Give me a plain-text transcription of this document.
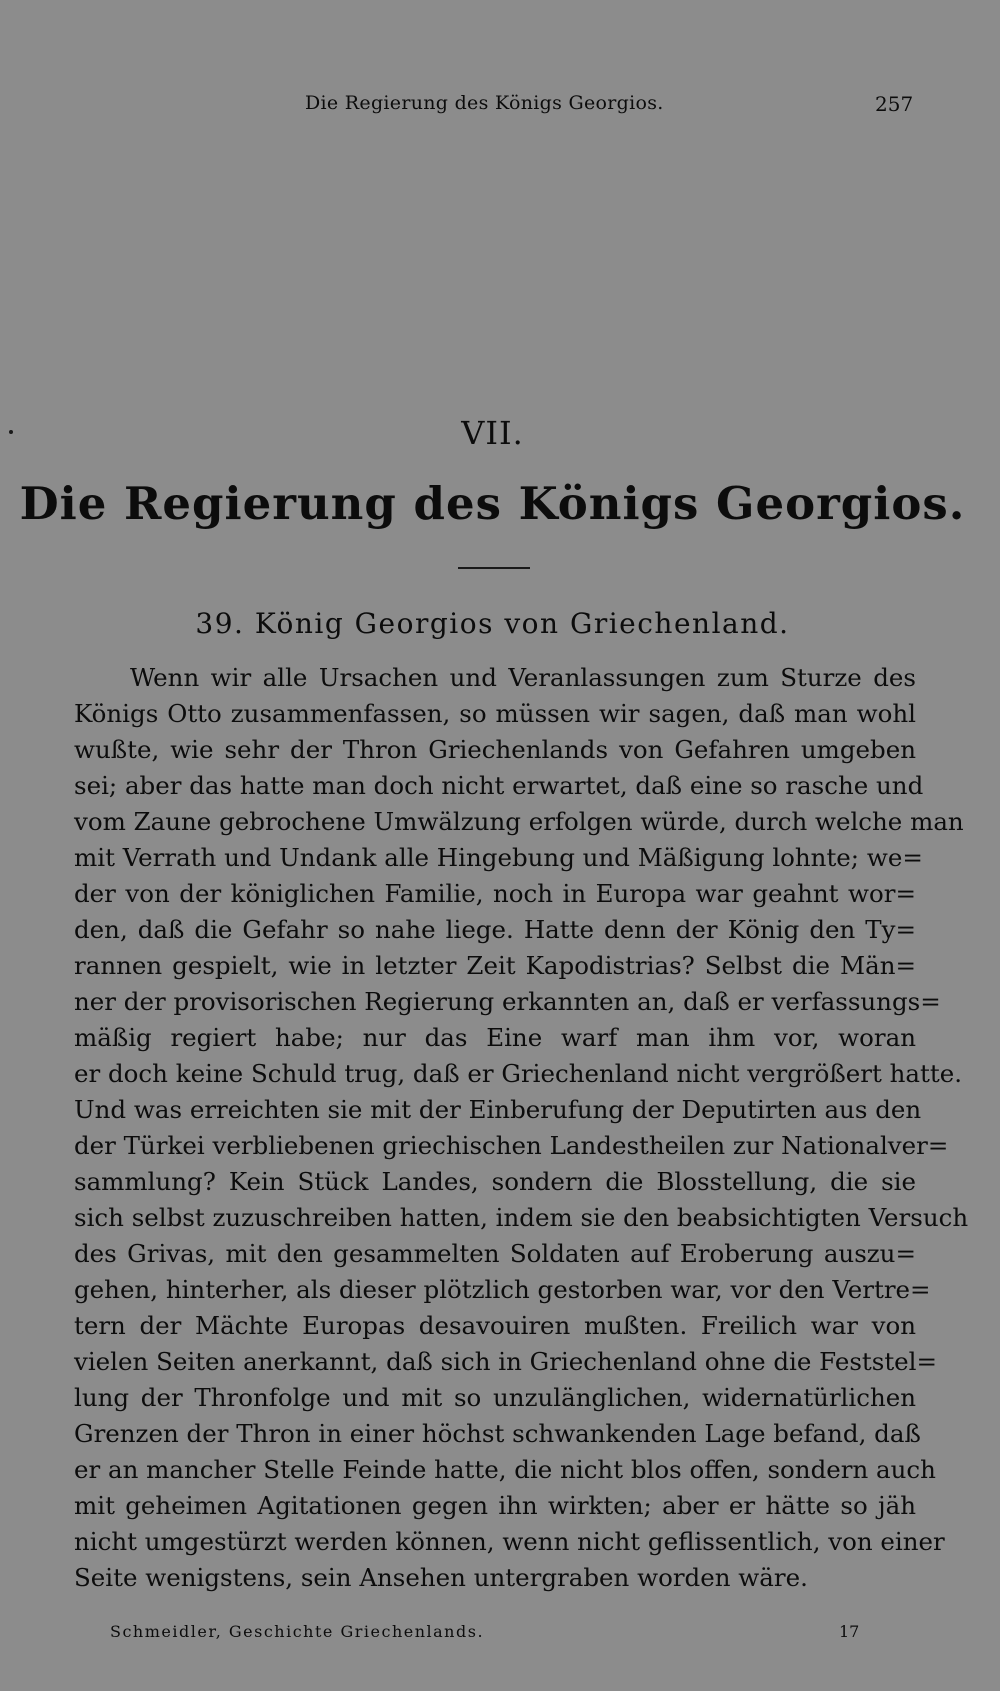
Die Regierung des Königs Georgios.	257
VII.
Die Regierung des Königs Georgios.
39. König Georgios von Griechenland.
Wenn wir alle Ursachen und Veranlassungen zum Sturze des
Königs Otto zusammenfassen, so müssen wir sagen, daß man wohl
wußte, wie sehr der Thron Griechenlands von Gefahren umgeben
sei; aber das hatte man doch nicht erwartet, daß eine so rasche und
vom Zaune gebrochene Umwälzung erfolgen würde, durch welche man
mit Verrath und Undank alle Hingebung und Mäßigung lohnte; we=
der von der königlichen Familie, noch in Europa war geahnt wor=
den, daß die Gefahr so nahe liege. Hatte denn der König den Ty=
rannen gespielt, wie in letzter Zeit Kapodistrias? Selbst die Män=
ner der provisorischen Regierung erkannten an, daß er verfassungs=
mäßig regiert habe; nur das Eine warf man ihm vor, woran
er doch keine Schuld trug, daß er Griechenland nicht vergrößert hatte.
Und was erreichten sie mit der Einberufung der Deputirten aus den
der Türkei verbliebenen griechischen Landestheilen zur Nationalver=
sammlung? Kein Stück Landes, sondern die Blosstellung, die sie
sich selbst zuzuschreiben hatten, indem sie den beabsichtigten Versuch
des Grivas, mit den gesammelten Soldaten auf Eroberung auszu=
gehen, hinterher, als dieser plötzlich gestorben war, vor den Vertre=
tern der Mächte Europas desavouiren mußten. Freilich war von
vielen Seiten anerkannt, daß sich in Griechenland ohne die Feststel=
lung der Thronfolge und mit so unzulänglichen, widernatürlichen
Grenzen der Thron in einer höchst schwankenden Lage befand, daß
er an mancher Stelle Feinde hatte, die nicht blos offen, sondern auch
mit geheimen Agitationen gegen ihn wirkten; aber er hätte so jäh
nicht umgestürzt werden können, wenn nicht geflissentlich, von einer
Seite wenigstens, sein Ansehen untergraben worden wäre.
Schmeidler, Geschichte Griechenlands.	17
